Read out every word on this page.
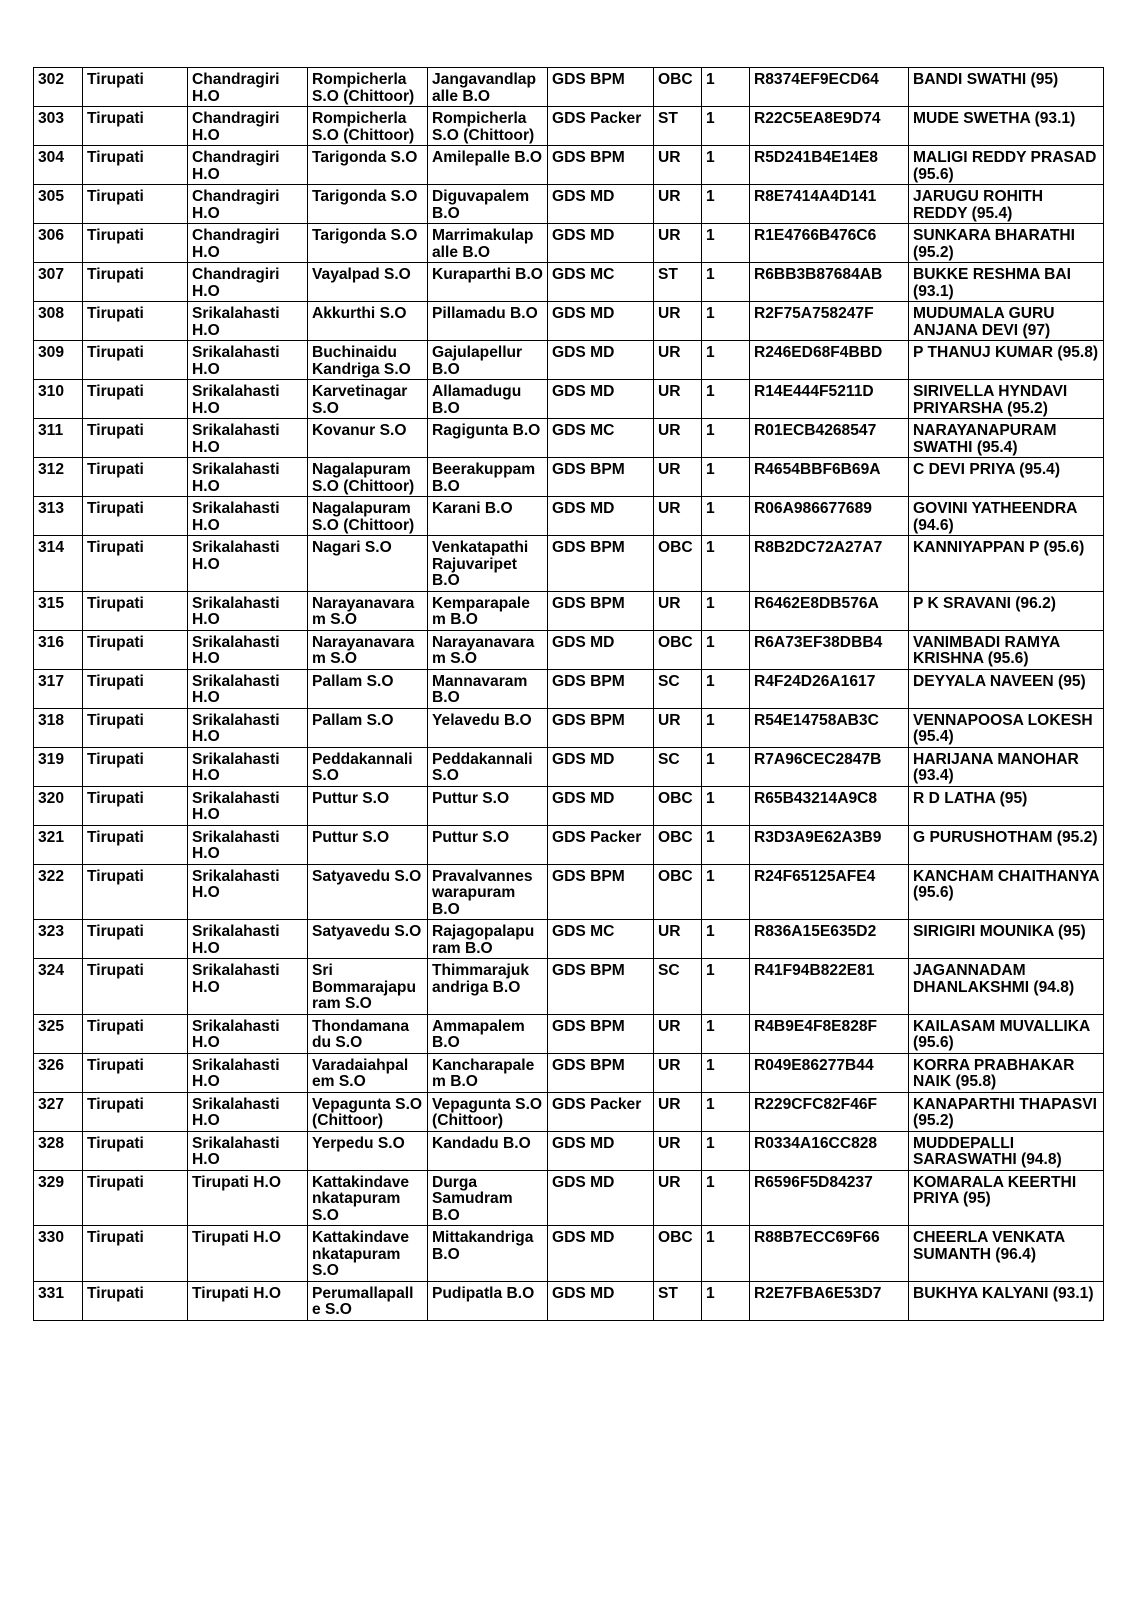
302	Tirupati	Chandragiri H.O	Rompicherla S.O (Chittoor)	Jangavandlap alle B.O	GDS BPM	OBC	1	R8374EF9ECD64	BANDI SWATHI (95)
303	Tirupati	Chandragiri H.O	Rompicherla S.O (Chittoor)	Rompicherla S.O (Chittoor)	GDS Packer	ST	1	R22C5EA8E9D74	MUDE SWETHA (93.1)
304	Tirupati	Chandragiri H.O	Tarigonda S.O	Amilepalle B.O	GDS BPM	UR	1	R5D241B4E14E8	MALIGI REDDY PRASAD (95.6)
305	Tirupati	Chandragiri H.O	Tarigonda S.O	Diguvapalem B.O	GDS MD	UR	1	R8E7414A4D141	JARUGU ROHITH REDDY (95.4)
306	Tirupati	Chandragiri H.O	Tarigonda S.O	Marrimakulap alle B.O	GDS MD	UR	1	R1E4766B476C6	SUNKARA BHARATHI (95.2)
307	Tirupati	Chandragiri H.O	Vayalpad S.O	Kuraparthi B.O	GDS MC	ST	1	R6BB3B87684AB	BUKKE RESHMA BAI (93.1)
308	Tirupati	Srikalahasti H.O	Akkurthi S.O	Pillamadu B.O	GDS MD	UR	1	R2F75A758247F	MUDUMALA GURU ANJANA DEVI (97)
309	Tirupati	Srikalahasti H.O	Buchinaidu Kandriga S.O	Gajulapellur B.O	GDS MD	UR	1	R246ED68F4BBD	P THANUJ KUMAR (95.8)
310	Tirupati	Srikalahasti H.O	Karvetinagar S.O	Allamadugu B.O	GDS MD	UR	1	R14E444F5211D	SIRIVELLA HYNDAVI PRIYARSHA (95.2)
311	Tirupati	Srikalahasti H.O	Kovanur S.O	Ragigunta B.O	GDS MC	UR	1	R01ECB4268547	NARAYANAPURAM SWATHI (95.4)
312	Tirupati	Srikalahasti H.O	Nagalapuram S.O (Chittoor)	Beerakuppam B.O	GDS BPM	UR	1	R4654BBF6B69A	C DEVI PRIYA (95.4)
313	Tirupati	Srikalahasti H.O	Nagalapuram S.O (Chittoor)	Karani B.O	GDS MD	UR	1	R06A986677689	GOVINI YATHEENDRA (94.6)
314	Tirupati	Srikalahasti H.O	Nagari S.O	Venkatapathi Rajuvaripet B.O	GDS BPM	OBC	1	R8B2DC72A27A7	KANNIYAPPAN P (95.6)
315	Tirupati	Srikalahasti H.O	Narayanavara m S.O	Kemparapale m B.O	GDS BPM	UR	1	R6462E8DB576A	P K SRAVANI (96.2)
316	Tirupati	Srikalahasti H.O	Narayanavara m S.O	Narayanavara m S.O	GDS MD	OBC	1	R6A73EF38DBB4	VANIMBADI RAMYA KRISHNA (95.6)
317	Tirupati	Srikalahasti H.O	Pallam S.O	Mannavaram B.O	GDS BPM	SC	1	R4F24D26A1617	DEYYALA NAVEEN (95)
318	Tirupati	Srikalahasti H.O	Pallam S.O	Yelavedu B.O	GDS BPM	UR	1	R54E14758AB3C	VENNAPOOSA LOKESH (95.4)
319	Tirupati	Srikalahasti H.O	Peddakannali S.O	Peddakannali S.O	GDS MD	SC	1	R7A96CEC2847B	HARIJANA MANOHAR (93.4)
320	Tirupati	Srikalahasti H.O	Puttur S.O	Puttur S.O	GDS MD	OBC	1	R65B43214A9C8	R D LATHA (95)
321	Tirupati	Srikalahasti H.O	Puttur S.O	Puttur S.O	GDS Packer	OBC	1	R3D3A9E62A3B9	G PURUSHOTHAM (95.2)
322	Tirupati	Srikalahasti H.O	Satyavedu S.O	Pravalvannes warapuram B.O	GDS BPM	OBC	1	R24F65125AFE4	KANCHAM CHAITHANYA (95.6)
323	Tirupati	Srikalahasti H.O	Satyavedu S.O	Rajagopalapu ram B.O	GDS MC	UR	1	R836A15E635D2	SIRIGIRI MOUNIKA (95)
324	Tirupati	Srikalahasti H.O	Sri Bommarajapu ram S.O	Thimmarajuk andriga B.O	GDS BPM	SC	1	R41F94B822E81	JAGANNADAM DHANLAKSHMI (94.8)
325	Tirupati	Srikalahasti H.O	Thondamana du S.O	Ammapalem B.O	GDS BPM	UR	1	R4B9E4F8E828F	KAILASAM MUVALLIKA (95.6)
326	Tirupati	Srikalahasti H.O	Varadaiahpal em S.O	Kancharapale m B.O	GDS BPM	UR	1	R049E86277B44	KORRA PRABHAKAR NAIK (95.8)
327	Tirupati	Srikalahasti H.O	Vepagunta S.O (Chittoor)	Vepagunta S.O (Chittoor)	GDS Packer	UR	1	R229CFC82F46F	KANAPARTHI THAPASVI (95.2)
328	Tirupati	Srikalahasti H.O	Yerpedu S.O	Kandadu B.O	GDS MD	UR	1	R0334A16CC828	MUDDEPALLI SARASWATHI (94.8)
329	Tirupati	Tirupati H.O	Kattakindave nkatapuram S.O	Durga Samudram B.O	GDS MD	UR	1	R6596F5D84237	KOMARALA KEERTHI PRIYA (95)
330	Tirupati	Tirupati H.O	Kattakindave nkatapuram S.O	Mittakandriga B.O	GDS MD	OBC	1	R88B7ECC69F66	CHEERLA VENKATA SUMANTH (96.4)
331	Tirupati	Tirupati H.O	Perumallapall e S.O	Pudipatla B.O	GDS MD	ST	1	R2E7FBA6E53D7	BUKHYA KALYANI (93.1)
